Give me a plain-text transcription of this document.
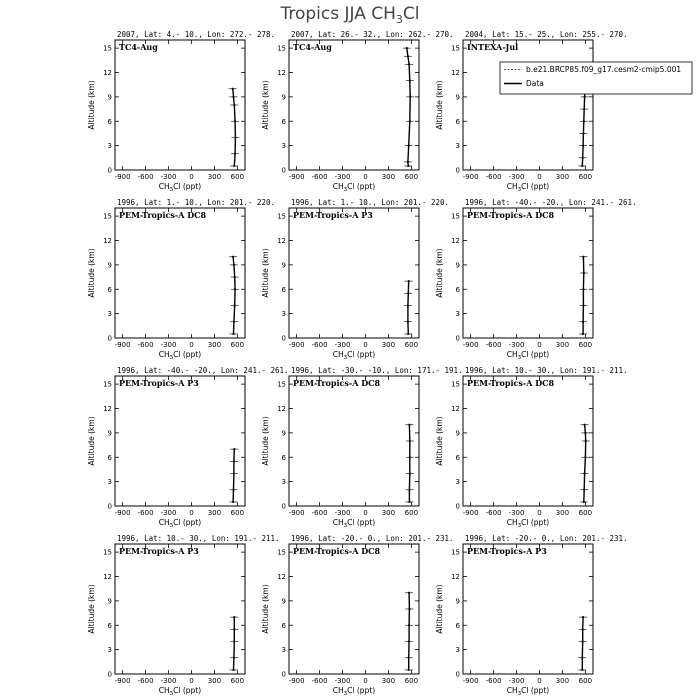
Tropics JJA $CH_3Cl$
2007, Lat: 4.- 10., Lon: 272.- 278.
TC4-Aug
-900 -600 -300 0 300 600
0
3
6
9
12
15
$CH_3Cl$ (ppt)
Altitude (km)
2007, Lat: 26.- 32., Lon: 262.- 270.
TC4-Aug
-900 -600 -300 0 300 600
0
3
6
9
12
15
$CH_3Cl$ (ppt)
Altitude (km)
2004, Lat: 15.- 25., Lon: 255.- 270.
INTEXA-Jul
-900 -600 -300 0 300 600
0
3
6
9
12
15
$CH_3Cl$ (ppt)
Altitude (km)
1996, Lat: 1.- 10., Lon: 201.- 220.
PEM-Tropics-A DC8
-900 -600 -300 0 300 600
0
3
6
9
12
15
$CH_3Cl$ (ppt)
Altitude (km)
1996, Lat: 1.- 10., Lon: 201.- 220.
PEM-Tropics-A P3
-900 -600 -300 0 300 600
0
3
6
9
12
15
$CH_3Cl$ (ppt)
Altitude (km)
1996, Lat: -40.- -20., Lon: 241.- 261.
PEM-Tropics-A DC8
-900 -600 -300 0 300 600
0
3
6
9
12
15
$CH_3Cl$ (ppt)
Altitude (km)
1996, Lat: -40.- -20., Lon: 241.- 261.
PEM-Tropics-A P3
-900 -600 -300 0 300 600
0
3
6
9
12
15
$CH_3Cl$ (ppt)
Altitude (km)
1996, Lat: -30.- -10., Lon: 171.- 191.
PEM-Tropics-A DC8
-900 -600 -300 0 300 600
0
3
6
9
12
15
$CH_3Cl$ (ppt)
Altitude (km)
1996, Lat: 10.- 30., Lon: 191.- 211.
PEM-Tropics-A DC8
-900 -600 -300 0 300 600
0
3
6
9
12
15
$CH_3Cl$ (ppt)
Altitude (km)
1996, Lat: 10.- 30., Lon: 191.- 211.
PEM-Tropics-A P3
-900 -600 -300 0 300 600
0
3
6
9
12
15
$CH_3Cl$ (ppt)
Altitude (km)
1996, Lat: -20.- 0., Lon: 201.- 231.
PEM-Tropics-A DC8
-900 -600 -300 0 300 600
0
3
6
9
12
15
$CH_3Cl$ (ppt)
Altitude (km)
1996, Lat: -20.- 0., Lon: 201.- 231.
PEM-Tropics-A P3
-900 -600 -300 0 300 600
0
3
6
9
12
15
$CH_3Cl$ (ppt)
Altitude (km)
b.e21.BRCP85.f09_g17.cesm2-cmip5.001
Data
